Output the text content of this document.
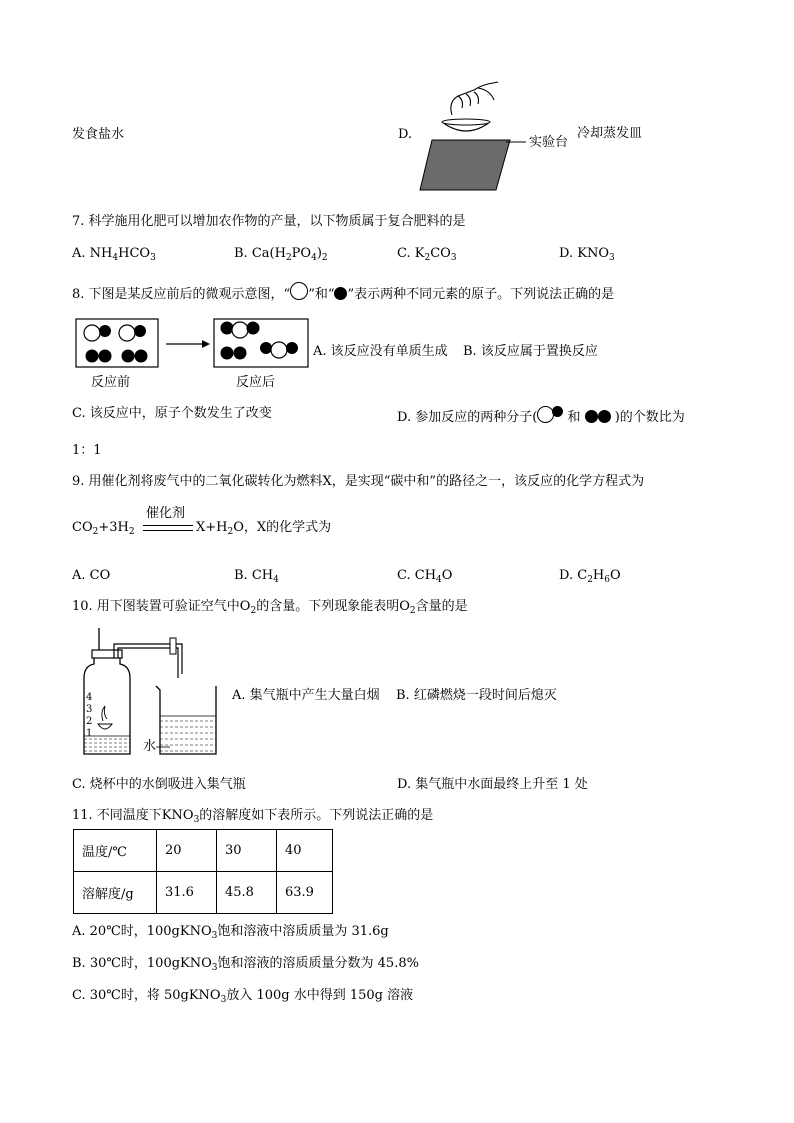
发食盐水	D.
实验台
冷却蒸发皿
7. 科学施用化肥可以增加农作物的产量，以下物质属于复合肥料的是
A. $NH_4HCO_3$	B. $Ca(H_2PO_4)_2$	C. $K_2CO_3$	D. $KNO_3$
8. 下图是某反应前后的微观示意图，“ ”和“ ”表示两种不同元素的原子。下列说法正确的是
A. 该反应没有单质生成 B. 该反应属于置换反应
反应前	反应后
C. 该反应中，原子个数发生了改变	D. 参加反应的两种分子( 和	)的个数比为
1：1
9. 用催化剂将废气中的二氧化碳转化为燃料X，是实现“碳中和”的路径之一，该反应的化学方程式为
$CO_2+3H_2$
催化剂
$X+H_2O$，X的化学式为
A. CO	B. $CH_4$	C. $CH_4O$	D. $C_2H_6O$
10. 用下图装置可验证空气中$O_2$的含量。下列现象能表明$O_2$含量的是
4
3
2
1
水
A. 集气瓶中产生大量白烟 B. 红磷燃烧一段时间后熄灭
C. 烧杯中的水倒吸进入集气瓶	D. 集气瓶中水面最终上升至 1 处
11. 不同温度下$KNO_3$的溶解度如下表所示。下列说法正确的是
温度/℃	20	30	40
溶解度/g	31.6	45.8	63.9
A. 20℃时，100gKNO$_3$饱和溶液中溶质质量为 31.6g
B. 30℃时，100gKNO$_3$饱和溶液的溶质质量分数为 45.8%
C. 30℃时，将 50gKNO$_3$放入 100g 水中得到 150g 溶液
